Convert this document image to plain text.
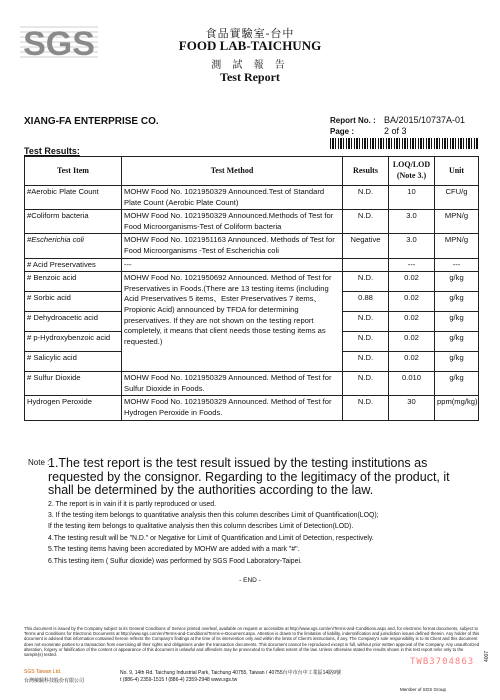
SGS	食品實驗室-台中
FOOD LAB-TAICHUNG
測 試 報 告
Test Report
XIANG-FA ENTERPRISE CO.	Report No. : BA/2015/10737A-01
Page :	2 of 3
Test Results:
Test Item	Test Method	Results	LOQ/LOD (Note 3.)	Unit
#Aerobic Plate Count	MOHW Food No. 1021950329 Announced.Test of Standard Plate Count (Aerobic Plate Count)	N.D.	10	CFU/g
#Coliform bacteria	MOHW Food No. 1021950329 Announced.Methods of Test for Food Microorganisms-Test of Coliform bacteria	N.D.	3.0	MPN/g
#Escherichia coli	MOHW Food No. 1021951163 Announced. Methods of Test for Food Microorganisms -Test of Escherichia coli	Negative	3.0	MPN/g
# Acid Preservatives	---		---	---
# Benzoic acid	MOHW Food No. 1021950692 Announced. Method of Test for Preservatives in Foods.(There are 13 testing items (including Acid Preservatives 5 items、Ester Preservatives 7 items、Propionic Acid) announced by TFDA for determining preservatives. If they are not shown on the testing report completely, it means that client needs those testing items as requested.)	N.D.	0.02	g/kg
# Sorbic acid		0.88	0.02	g/kg
# Dehydroacetic acid		N.D.	0.02	g/kg
# p-Hydroxybenzoic acid		N.D.	0.02	g/kg
# Salicylic acid		N.D.	0.02	g/kg
# Sulfur Dioxide	MOHW Food No. 1021950329 Announced. Method of Test for Sulfur Dioxide in Foods.	N.D.	0.010	g/kg
Hydrogen Peroxide	MOHW Food No. 1021950329 Announced. Method of Test for Hydrogen Peroxide in Foods.	N.D.	30	ppm(mg/kg)
Note :
1.The test report is the test result issued by the testing institutions as requested by the consignor. Regarding to the legitimacy of the product, it shall be determined by the authorities according to the law.
2. The report is in vain if it is partly reproduced or used.
3. If the testing item belongs to quantitative analysis then this column describes Limit of Quantification(LOQ);
If the testing item belongs to qualitative analysis then this column describes Limit of Detection(LOD).
4.The testing result will be "N.D." or Negative for Limit of Quantification and Limit of Detection, respectively.
5.The testing items having been accrediated by MOHW are added with a mark "#".
6.This testing item ( Sulfur dioxide) was performed by SGS Food Laboratory-Taipei.
- END -
This document is issued by the Company subject to its General Conditions of Service printed overleaf, available on request or accessible at http://www.sgs.com/en/Terms-and-Conditions.aspx and, for electronic format documents, subject to Terms and Conditions for Electronic Documents at http://www.sgs.com/en/Terms-and-Conditions/Terms-e-Document.aspx. Attention is drawn to the limitation of liability, indemnification and jurisdiction issues defined therein. Any holder of this document is advised that information contained hereon reflects the Company's findings at the time of its intervention only and within the limits of Client's instructions, if any. The Company's sole responsibility is to its Client and this document does not exonerate parties to a transaction from exercising all their rights and obligations under the transaction documents. This document cannot be reproduced except in full, without prior written approval of the Company. Any unauthorized alteration, forgery or falsification of the content or appearance of this document is unlawful and offenders may be prosecuted to the fullest extent of the law. Unless otherwise stated the results shown in this test report refer only to the sample(s) tested.
TWB3704863
SGS Taiwan Ltd.	No. 9, 14th Rd. Taichung Industrial Park, Taichung 40755, Taiwan / 40755台中市台中工業區14路9號
台灣檢驗科技股份有限公司	t (886-4) 2359-1515 f (886-4) 2359-2948 www.sgs.tw
Member of SGS Group
4007
